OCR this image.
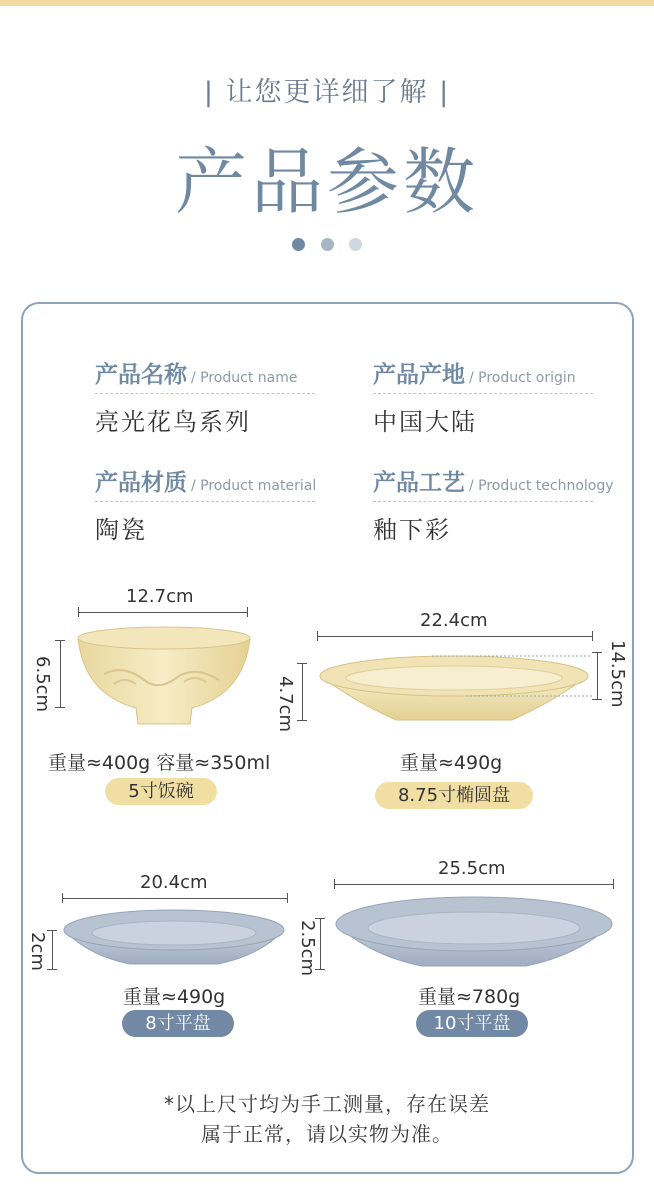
| 让您更详细了解 |
产品参数

产品名称 / Product name
亮光花鸟系列
产品产地 / Product origin
中国大陆
产品材质 / Product material
陶瓷
产品工艺 / Product technology
釉下彩
12.7cm
6.5cm
重量≈400g 容量≈350ml
5寸饭碗
22.4cm
4.7cm	14.5cm
重量≈490g
8.75寸椭圆盘
20.4cm
2cm
重量≈490g
8寸平盘
25.5cm
2.5cm
重量≈780g
10寸平盘
*以上尺寸均为手工测量，存在误差
属于正常，请以实物为准。
